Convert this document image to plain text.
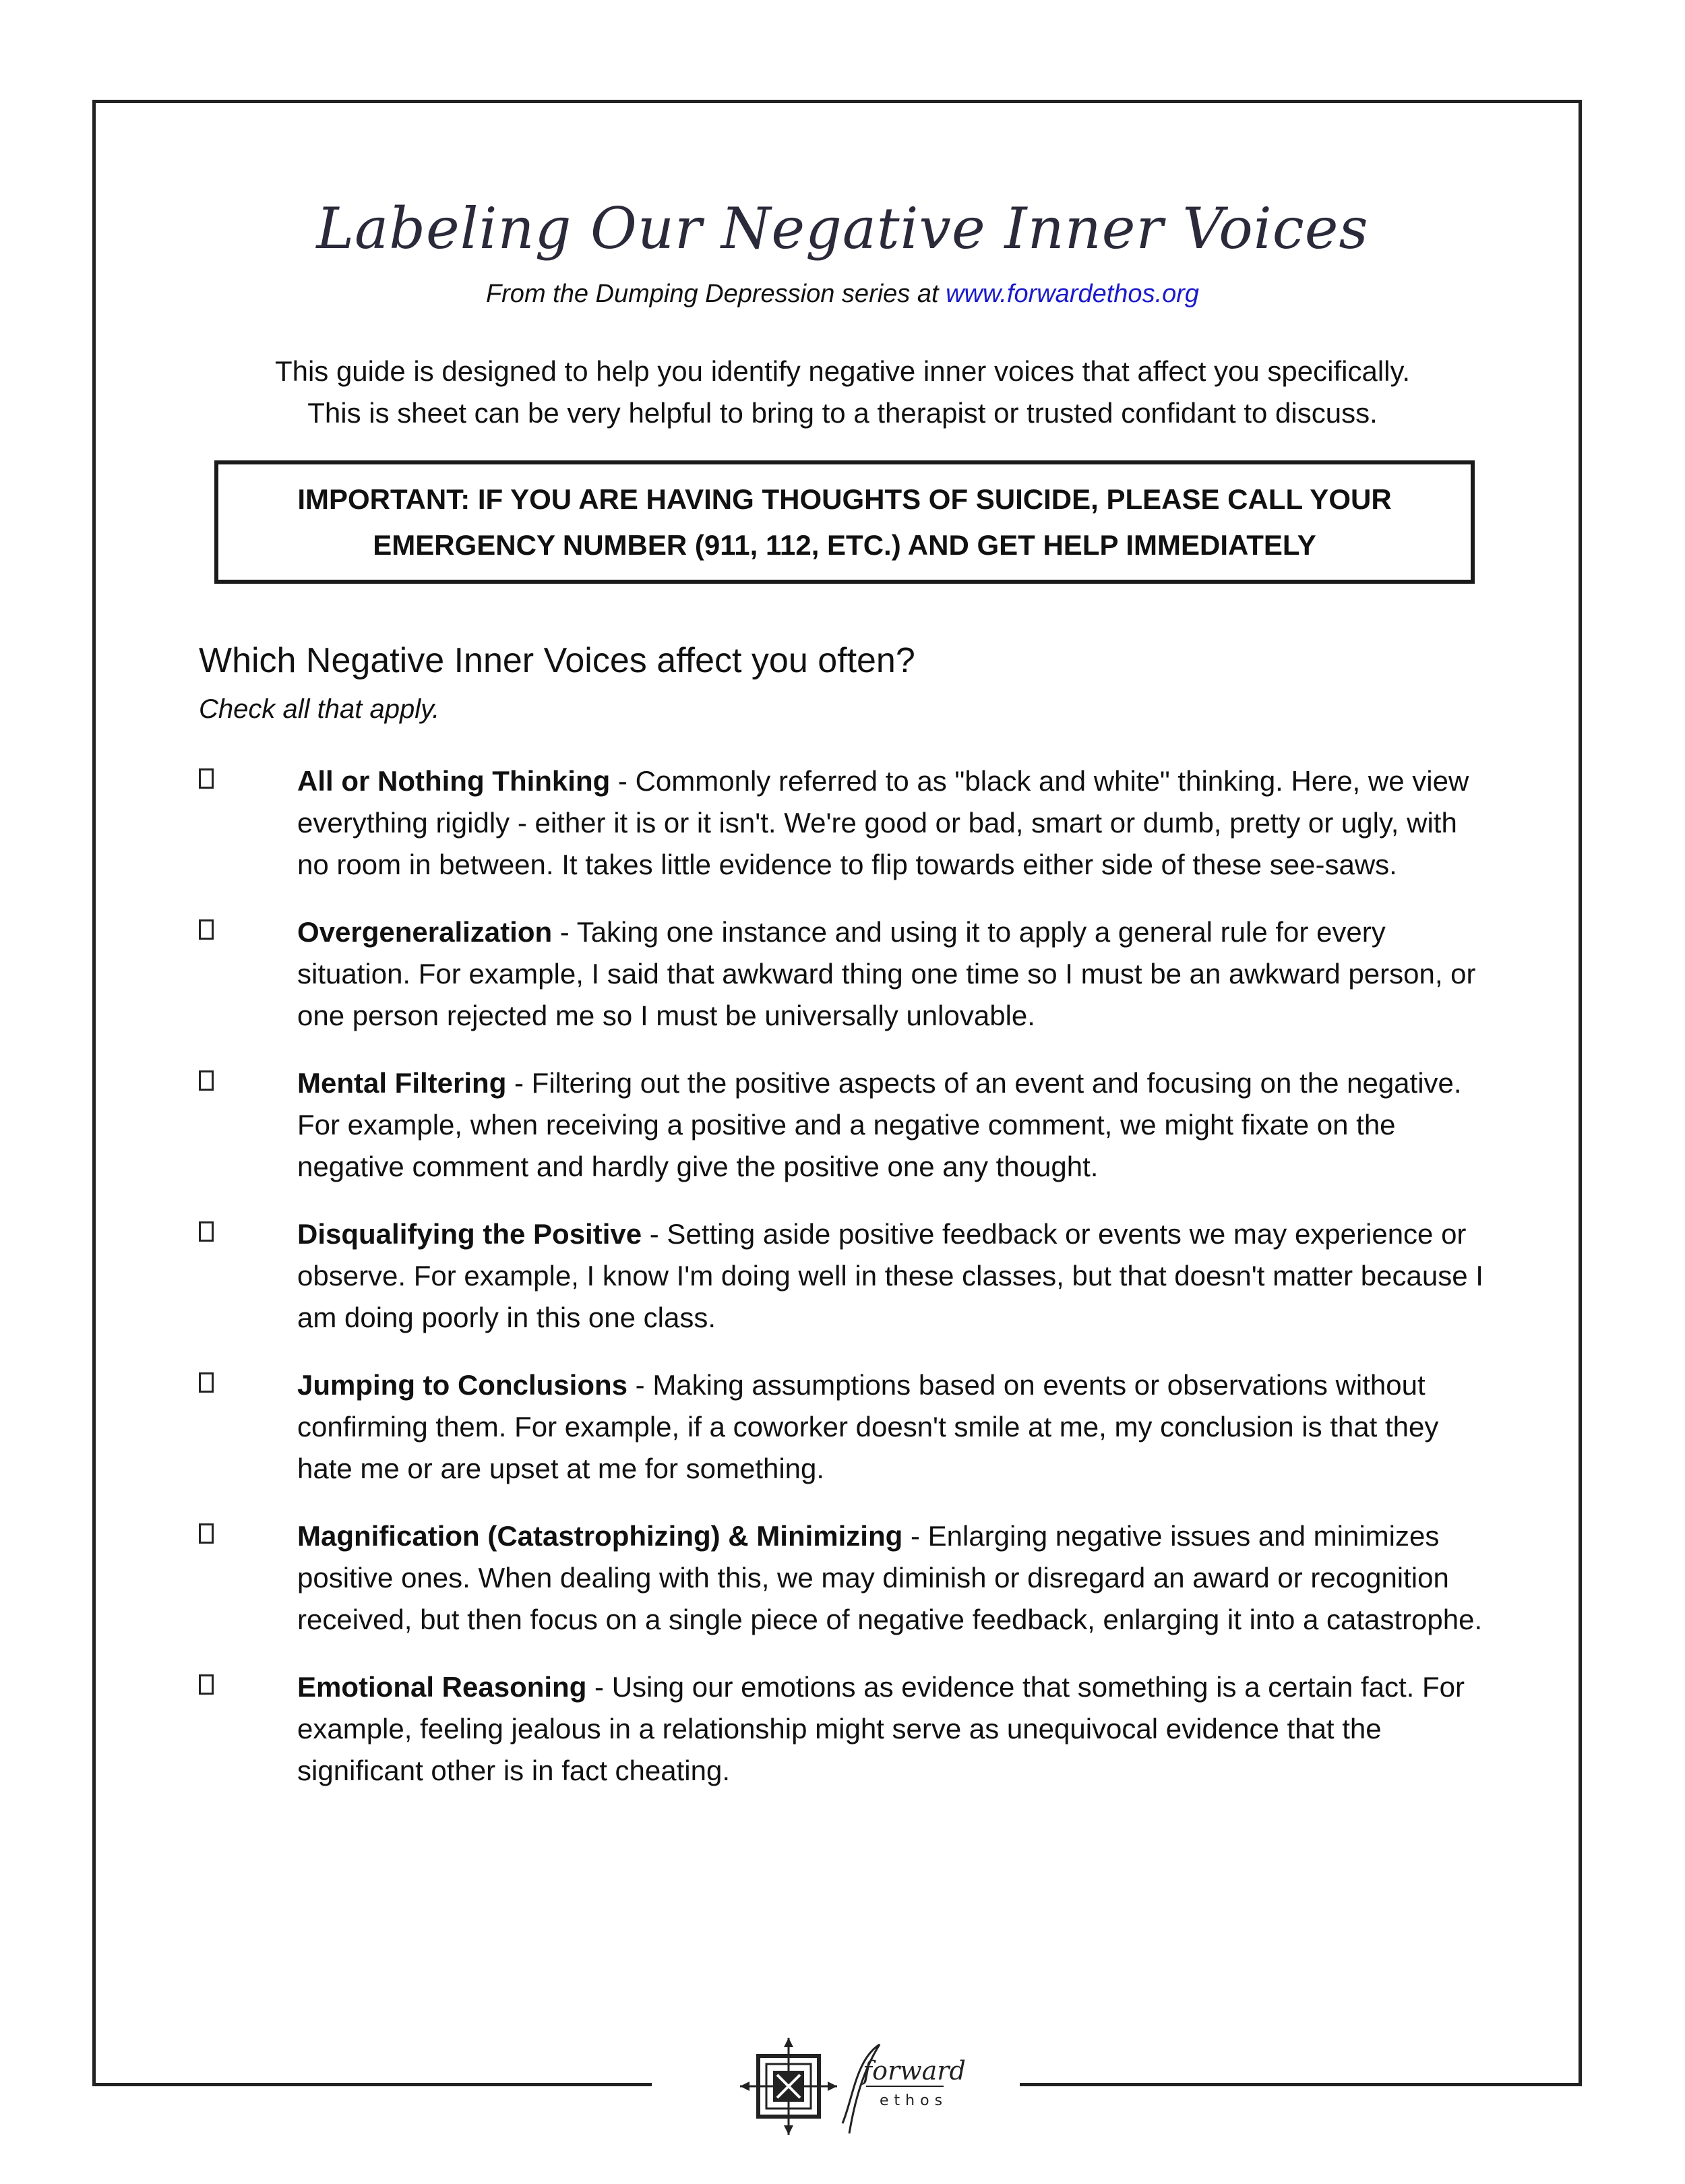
Labeling Our Negative Inner Voices
From the Dumping Depression series at www.forwardethos.org
This guide is designed to help you identify negative inner voices that affect you specifically.
This is sheet can be very helpful to bring to a therapist or trusted confidant to discuss.
IMPORTANT: IF YOU ARE HAVING THOUGHTS OF SUICIDE, PLEASE CALL YOUR
EMERGENCY NUMBER (911, 112, ETC.) AND GET HELP IMMEDIATELY
Which Negative Inner Voices affect you often?
Check all that apply.
All or Nothing Thinking - Commonly referred to as "black and white" thinking. Here, we view everything rigidly - either it is or it isn't. We're good or bad, smart or dumb, pretty or ugly, with no room in between. It takes little evidence to flip towards either side of these see-saws.
Overgeneralization - Taking one instance and using it to apply a general rule for every situation. For example, I said that awkward thing one time so I must be an awkward person, or one person rejected me so I must be universally unlovable.
Mental Filtering - Filtering out the positive aspects of an event and focusing on the negative. For example, when receiving a positive and a negative comment, we might fixate on the negative comment and hardly give the positive one any thought.
Disqualifying the Positive - Setting aside positive feedback or events we may experience or observe. For example, I know I'm doing well in these classes, but that doesn't matter because I am doing poorly in this one class.
Jumping to Conclusions - Making assumptions based on events or observations without confirming them. For example, if a coworker doesn't smile at me, my conclusion is that they hate me or are upset at me for something.
Magnification (Catastrophizing) & Minimizing - Enlarging negative issues and minimizes positive ones. When dealing with this, we may diminish or disregard an award or recognition received, but then focus on a single piece of negative feedback, enlarging it into a catastrophe.
Emotional Reasoning - Using our emotions as evidence that something is a certain fact. For example, feeling jealous in a relationship might serve as unequivocal evidence that the significant other is in fact cheating.
forward
ethos
